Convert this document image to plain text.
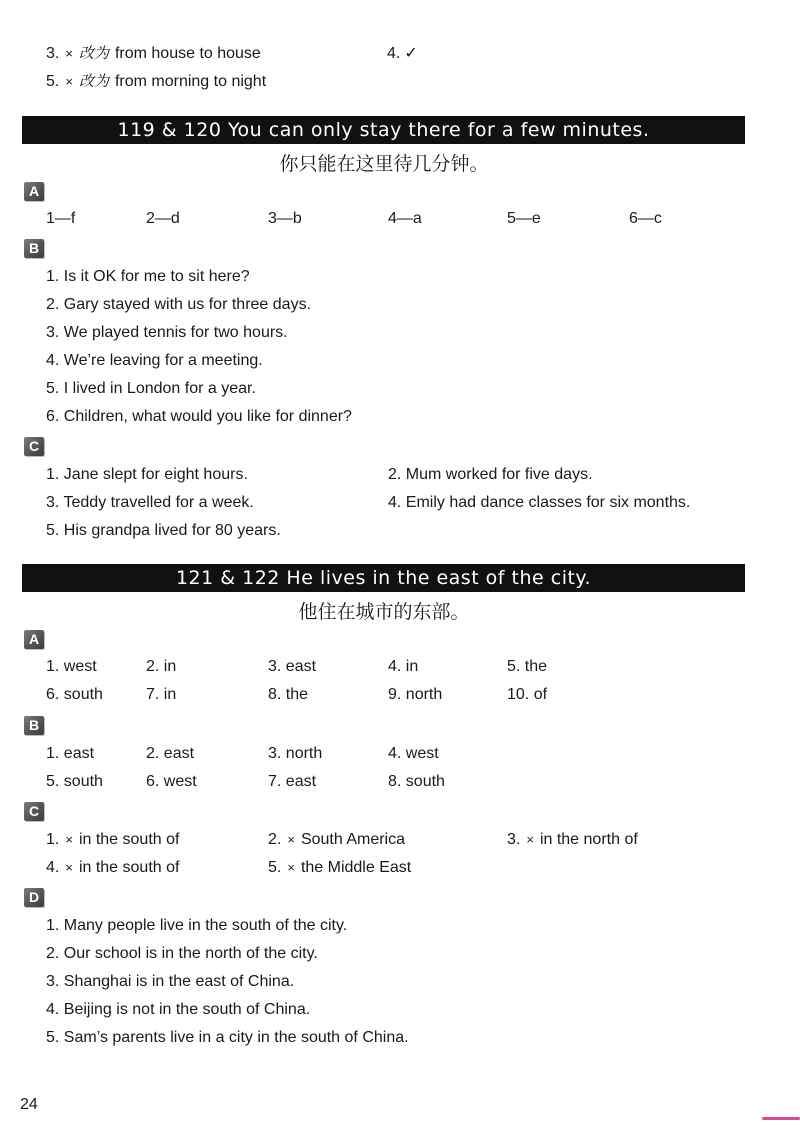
3. × 改为 from house to house	4. ✓
5. × 改为 from morning to night
119 & 120 You can only stay there for a few minutes.
你只能在这里待几分钟。
A
1—f	2—d	3—b	4—a	5—e	6—c
B
1. Is it OK for me to sit here?
2. Gary stayed with us for three days.
3. We played tennis for two hours.
4. We’re leaving for a meeting.
5. I lived in London for a year.
6. Children, what would you like for dinner?
C
1. Jane slept for eight hours.	2. Mum worked for five days.
3. Teddy travelled for a week.	4. Emily had dance classes for six months.
5. His grandpa lived for 80 years.
121 & 122 He lives in the east of the city.
他住在城市的东部。
A
1. west	2. in	3. east	4. in	5. the
6. south	7. in	8. the	9. north	10. of
B
1. east	2. east	3. north	4. west
5. south	6. west	7. east	8. south
C
1. × in the south of	2. × South America	3. × in the north of
4. × in the south of	5. × the Middle East
D
1. Many people live in the south of the city.
2. Our school is in the north of the city.
3. Shanghai is in the east of China.
4. Beijing is not in the south of China.
5. Sam’s parents live in a city in the south of China.
24
